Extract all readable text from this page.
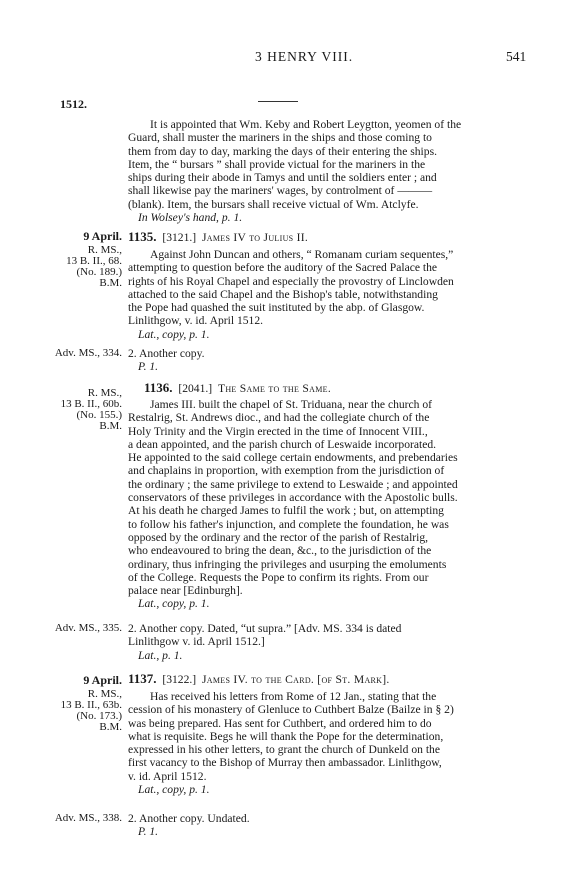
3 HENRY VIII.	541
1512.
It is appointed that Wm. Keby and Robert Leygtton, yeomen of the
Guard, shall muster the mariners in the ships and those coming to
them from day to day, marking the days of their entering the ships.
Item, the “ bursars ” shall provide victual for the mariners in the
ships during their abode in Tamys and until the soldiers enter ; and
shall likewise pay the mariners' wages, by controlment of ———
(blank). Item, the bursars shall receive victual of Wm. Atclyfe.
In Wolsey's hand, p. 1.
9 April.
R. MS.,
13 B. II., 68.
(No. 189.)
B.M.
1135. [3121.] James IV to Julius II.
Against John Duncan and others, “ Romanam curiam sequentes,”
attempting to question before the auditory of the Sacred Palace the
rights of his Royal Chapel and especially the provostry of Linclowden
attached to the said Chapel and the Bishop's table, notwithstanding
the Pope had quashed the suit instituted by the abp. of Glasgow.
Linlithgow, v. id. April 1512.
Lat., copy, p. 1.
Adv. MS., 334. 2. Another copy.
P. 1.
R. MS.,
13 B. II., 60b.
(No. 155.)
B.M.
1136. [2041.] The Same to the Same.
James III. built the chapel of St. Triduana, near the church of
Restalrig, St. Andrews dioc., and had the collegiate church of the
Holy Trinity and the Virgin erected in the time of Innocent VIII.,
a dean appointed, and the parish church of Leswaide incorporated.
He appointed to the said college certain endowments, and prebendaries
and chaplains in proportion, with exemption from the jurisdiction of
the ordinary ; the same privilege to extend to Leswaide ; and appointed
conservators of these privileges in accordance with the Apostolic bulls.
At his death he charged James to fulfil the work ; but, on attempting
to follow his father's injunction, and complete the foundation, he was
opposed by the ordinary and the rector of the parish of Restalrig,
who endeavoured to bring the dean, &c., to the jurisdiction of the
ordinary, thus infringing the privileges and usurping the emoluments
of the College. Requests the Pope to confirm its rights. From our
palace near [Edinburgh].
Lat., copy, p. 1.
Adv. MS., 335. 2. Another copy. Dated, “ut supra.” [Adv. MS. 334 is dated
Linlithgow v. id. April 1512.]
Lat., p. 1.
9 April.
R. MS.,
13 B. II., 63b.
(No. 173.)
B.M.
1137. [3122.] James IV. to the Card. [of St. Mark].
Has received his letters from Rome of 12 Jan., stating that the
cession of his monastery of Glenluce to Cuthbert Balze (Bailze in § 2)
was being prepared. Has sent for Cuthbert, and ordered him to do
what is requisite. Begs he will thank the Pope for the determination,
expressed in his other letters, to grant the church of Dunkeld on the
first vacancy to the Bishop of Murray then ambassador. Linlithgow,
v. id. April 1512.
Lat., copy, p. 1.
Adv. MS., 338. 2. Another copy. Undated.
P. 1.
